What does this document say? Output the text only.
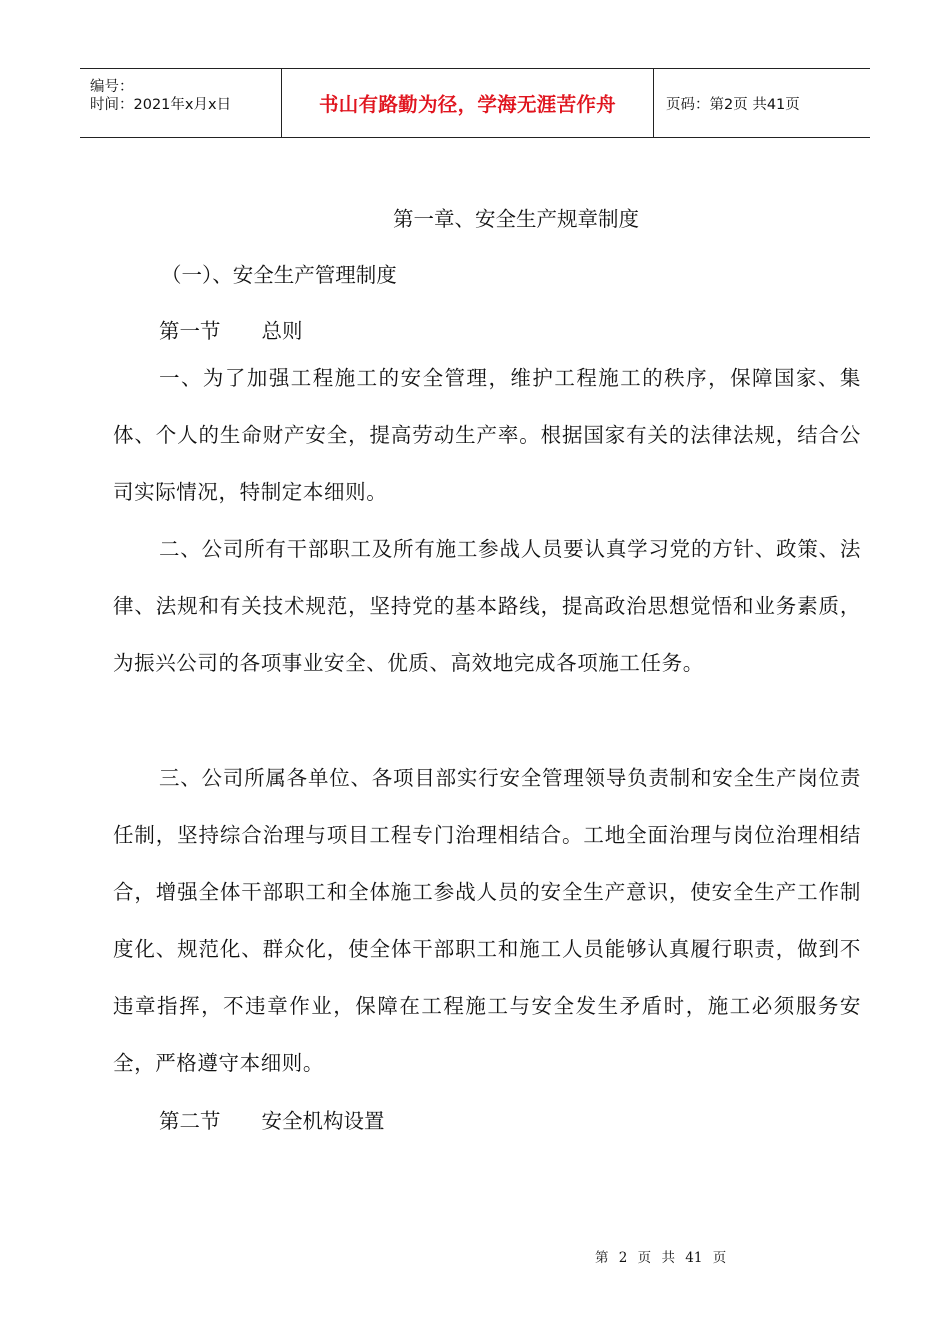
编号：
时间：2021年x月x日	书山有路勤为径，学海无涯苦作舟	页码：第2页 共41页
第一章、安全生产规章制度
（一）、安全生产管理制度
第一节　　总则
一、为了加强工程施工的安全管理，维护工程施工的秩序，保障国家、集体、个人的生命财产安全，提高劳动生产率。根据国家有关的法律法规，结合公司实际情况，特制定本细则。
二、公司所有干部职工及所有施工参战人员要认真学习党的方针、政策、法律、法规和有关技术规范，坚持党的基本路线，提高政治思想觉悟和业务素质，为振兴公司的各项事业安全、优质、高效地完成各项施工任务。
三、公司所属各单位、各项目部实行安全管理领导负责制和安全生产岗位责任制，坚持综合治理与项目工程专门治理相结合。工地全面治理与岗位治理相结合，增强全体干部职工和全体施工参战人员的安全生产意识，使安全生产工作制度化、规范化、群众化，使全体干部职工和施工人员能够认真履行职责，做到不违章指挥，不违章作业，保障在工程施工与安全发生矛盾时，施工必须服务安全，严格遵守本细则。
第二节　　安全机构设置
第 2 页 共 41 页
